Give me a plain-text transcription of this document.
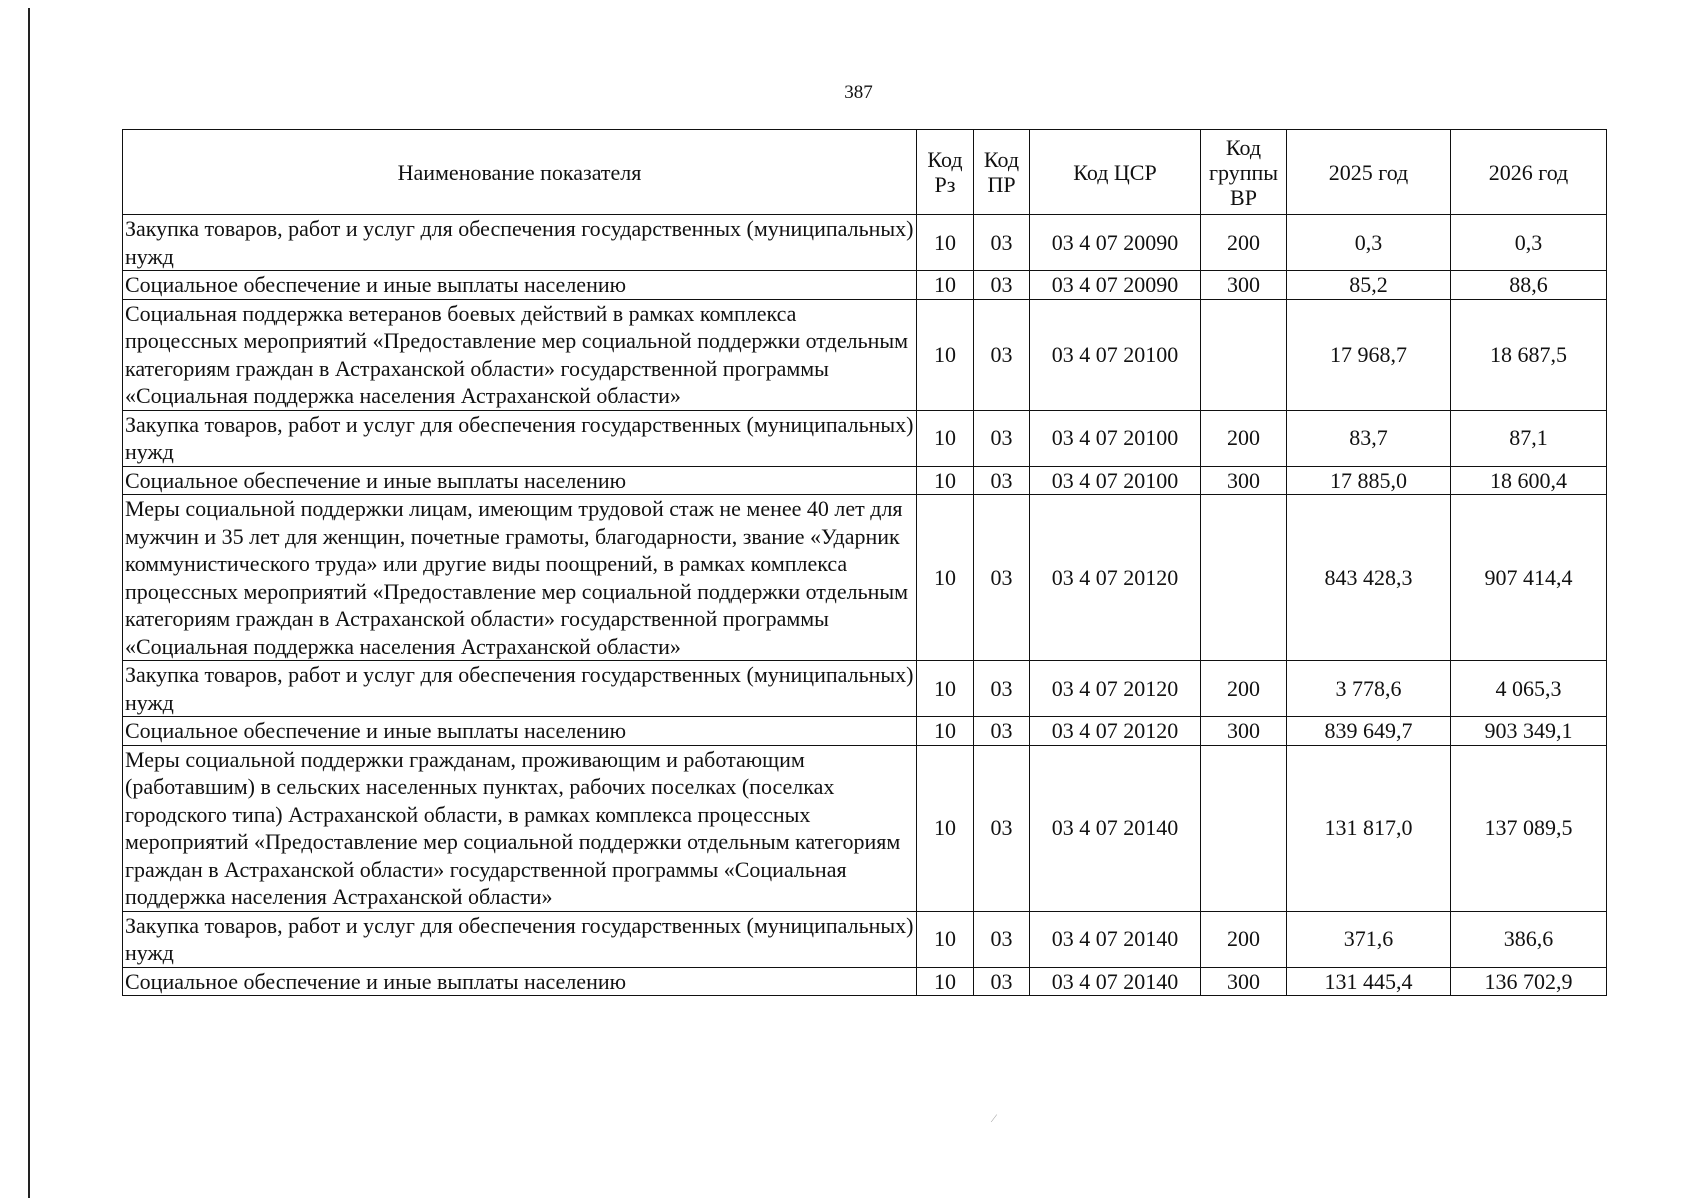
⁄
387
Наименование показателя	Код Рз	Код ПР	Код ЦСР	Код группы ВР	2025 год	2026 год
Закупка товаров, работ и услуг для обеспечения государственных (муниципальных) нужд	10	03	03 4 07 20090	200	0,3	0,3
Социальное обеспечение и иные выплаты населению	10	03	03 4 07 20090	300	85,2	88,6
Социальная поддержка ветеранов боевых действий в рамках комплекса процессных мероприятий «Предоставление мер социальной поддержки отдельным категориям граждан в Астраханской области» государственной программы «Социальная поддержка населения Астраханской области»	10	03	03 4 07 20100		17 968,7	18 687,5
Закупка товаров, работ и услуг для обеспечения государственных (муниципальных) нужд	10	03	03 4 07 20100	200	83,7	87,1
Социальное обеспечение и иные выплаты населению	10	03	03 4 07 20100	300	17 885,0	18 600,4
Меры социальной поддержки лицам, имеющим трудовой стаж не менее 40 лет для мужчин и 35 лет для женщин, почетные грамоты, благодарности, звание «Ударник коммунистического труда» или другие виды поощрений, в рамках комплекса процессных мероприятий «Предоставление мер социальной поддержки отдельным категориям граждан в Астраханской области» государственной программы «Социальная поддержка населения Астраханской области»	10	03	03 4 07 20120		843 428,3	907 414,4
Закупка товаров, работ и услуг для обеспечения государственных (муниципальных) нужд	10	03	03 4 07 20120	200	3 778,6	4 065,3
Социальное обеспечение и иные выплаты населению	10	03	03 4 07 20120	300	839 649,7	903 349,1
Меры социальной поддержки гражданам, проживающим и работающим (работавшим) в сельских населенных пунктах, рабочих поселках (поселках городского типа) Астраханской области, в рамках комплекса процессных мероприятий «Предоставление мер социальной поддержки отдельным категориям граждан в Астраханской области» государственной программы «Социальная поддержка населения Астраханской области»	10	03	03 4 07 20140		131 817,0	137 089,5
Закупка товаров, работ и услуг для обеспечения государственных (муниципальных) нужд	10	03	03 4 07 20140	200	371,6	386,6
Социальное обеспечение и иные выплаты населению	10	03	03 4 07 20140	300	131 445,4	136 702,9
